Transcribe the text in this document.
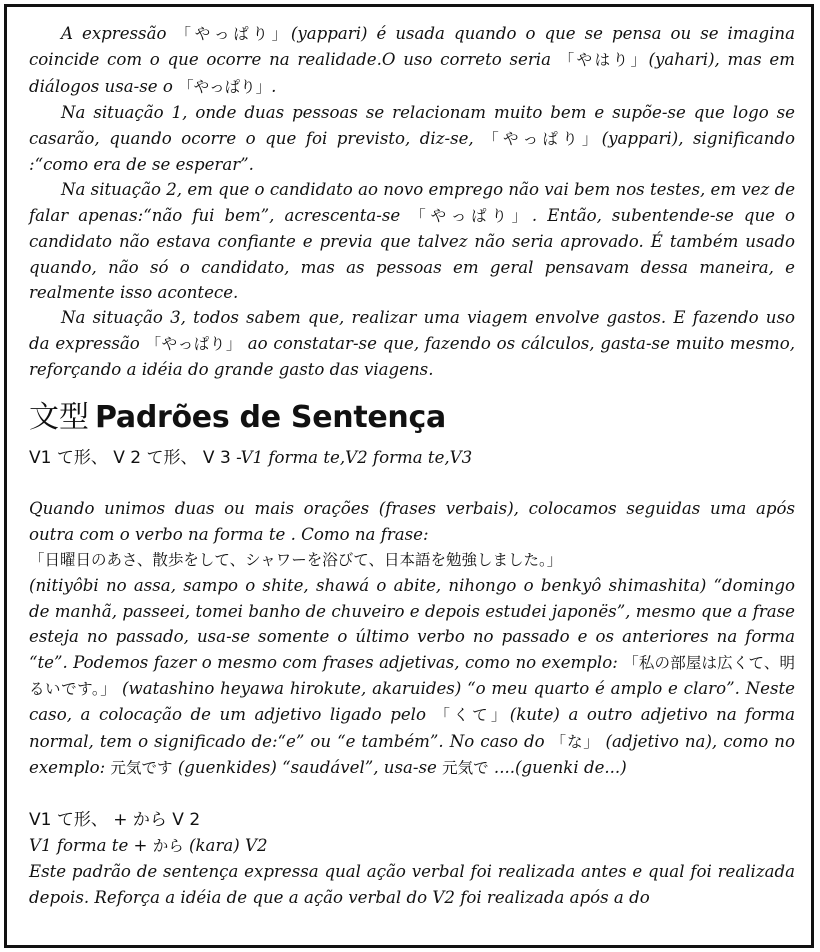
A expressão 「やっぱり」(yappari) é usada quando o que se pensa ou se imagina coincide com o que ocorre na realidade.O uso correto seria 「やはり」(yahari), mas em diálogos usa-se o 「やっぱり」.

Na situação 1, onde duas pessoas se relacionam muito bem e supõe-se que logo se casarão, quando ocorre o que foi previsto, diz-se, 「やっぱり」(yappari), significando :“como era de se esperar”.

Na situação 2, em que o candidato ao novo emprego não vai bem nos testes, em vez de falar apenas:“não fui bem”, acrescenta-se 「やっぱり」. Então, subentende-se que o candidato não estava confiante e previa que talvez não seria aprovado. É também usado quando, não só o candidato, mas as pessoas em geral pensavam dessa maneira, e realmente isso acontece.

Na situação 3, todos sabem que, realizar uma viagem envolve gastos. E fazendo uso da expressão 「やっぱり」 ao constatar-se que, fazendo os cálculos, gasta-se muito mesmo, reforçando a idéia do grande gasto das viagens.

文型 Padrões de Sentença

V1 て形、 V 2 て形、 V 3 -V1 forma te,V2 forma te,V3

Quando unimos duas ou mais orações (frases verbais), colocamos seguidas uma após outra com o verbo na forma te . Como na frase:
「日曜日のあさ、散歩をして、シャワーを浴びて、日本語を勉強しました。」
(nitiyôbi no assa, sampo o shite, shawá o abite, nihongo o benkyô shimashita) “domingo de manhã, passeei, tomei banho de chuveiro e depois estudei japonës”, mesmo que a frase esteja no passado, usa-se somente o último verbo no passado e os anteriores na forma “te”. Podemos fazer o mesmo com frases adjetivas, como no exemplo: 「私の部屋は広くて、明るいです。」 (watashino heyawa hirokute, akaruides) “o meu quarto é amplo e claro”. Neste caso, a colocação de um adjetivo ligado pelo 「くて」(kute) a outro adjetivo na forma normal, tem o significado de:“e” ou “e também”. No caso do 「な」 (adjetivo na), como no exemplo: 元気です (guenkides) “saudável”, usa-se 元気で ....(guenki de...)

V1 て形、 + から V 2

V1 forma te + から (kara) V2

Este padrão de sentença expressa qual ação verbal foi realizada antes e qual foi realizada depois. Reforça a idéia de que a ação verbal do V2 foi realizada após a do
